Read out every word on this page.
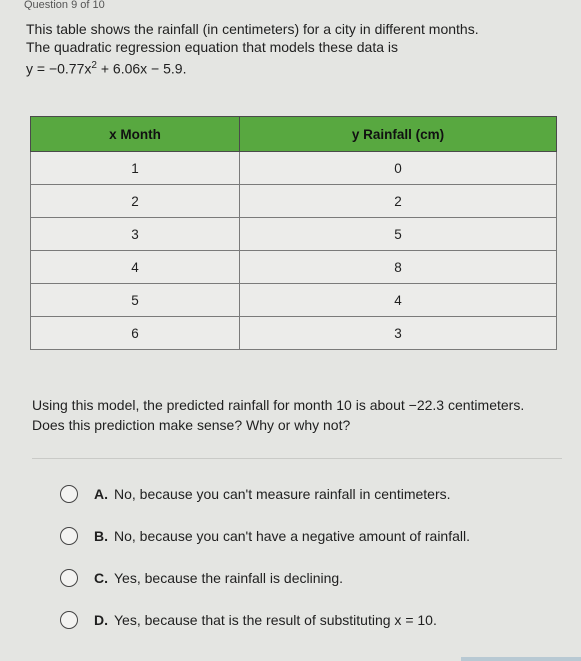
Question 9 of 10

This table shows the rainfall (in centimeters) for a city in different months.

The quadratic regression equation that models these data is

$y = -0.77x^2 + 6.06x - 5.9$.

x Month	y Rainfall (cm)
1	0
2	2
3	5
4	8
5	4
6	3
Using this model, the predicted rainfall for month 10 is about −22.3 centimeters. Does this prediction make sense? Why or why not?
A. No, because you can't measure rainfall in centimeters.
B. No, because you can't have a negative amount of rainfall.
C. Yes, because the rainfall is declining.
D. Yes, because that is the result of substituting x = 10.
